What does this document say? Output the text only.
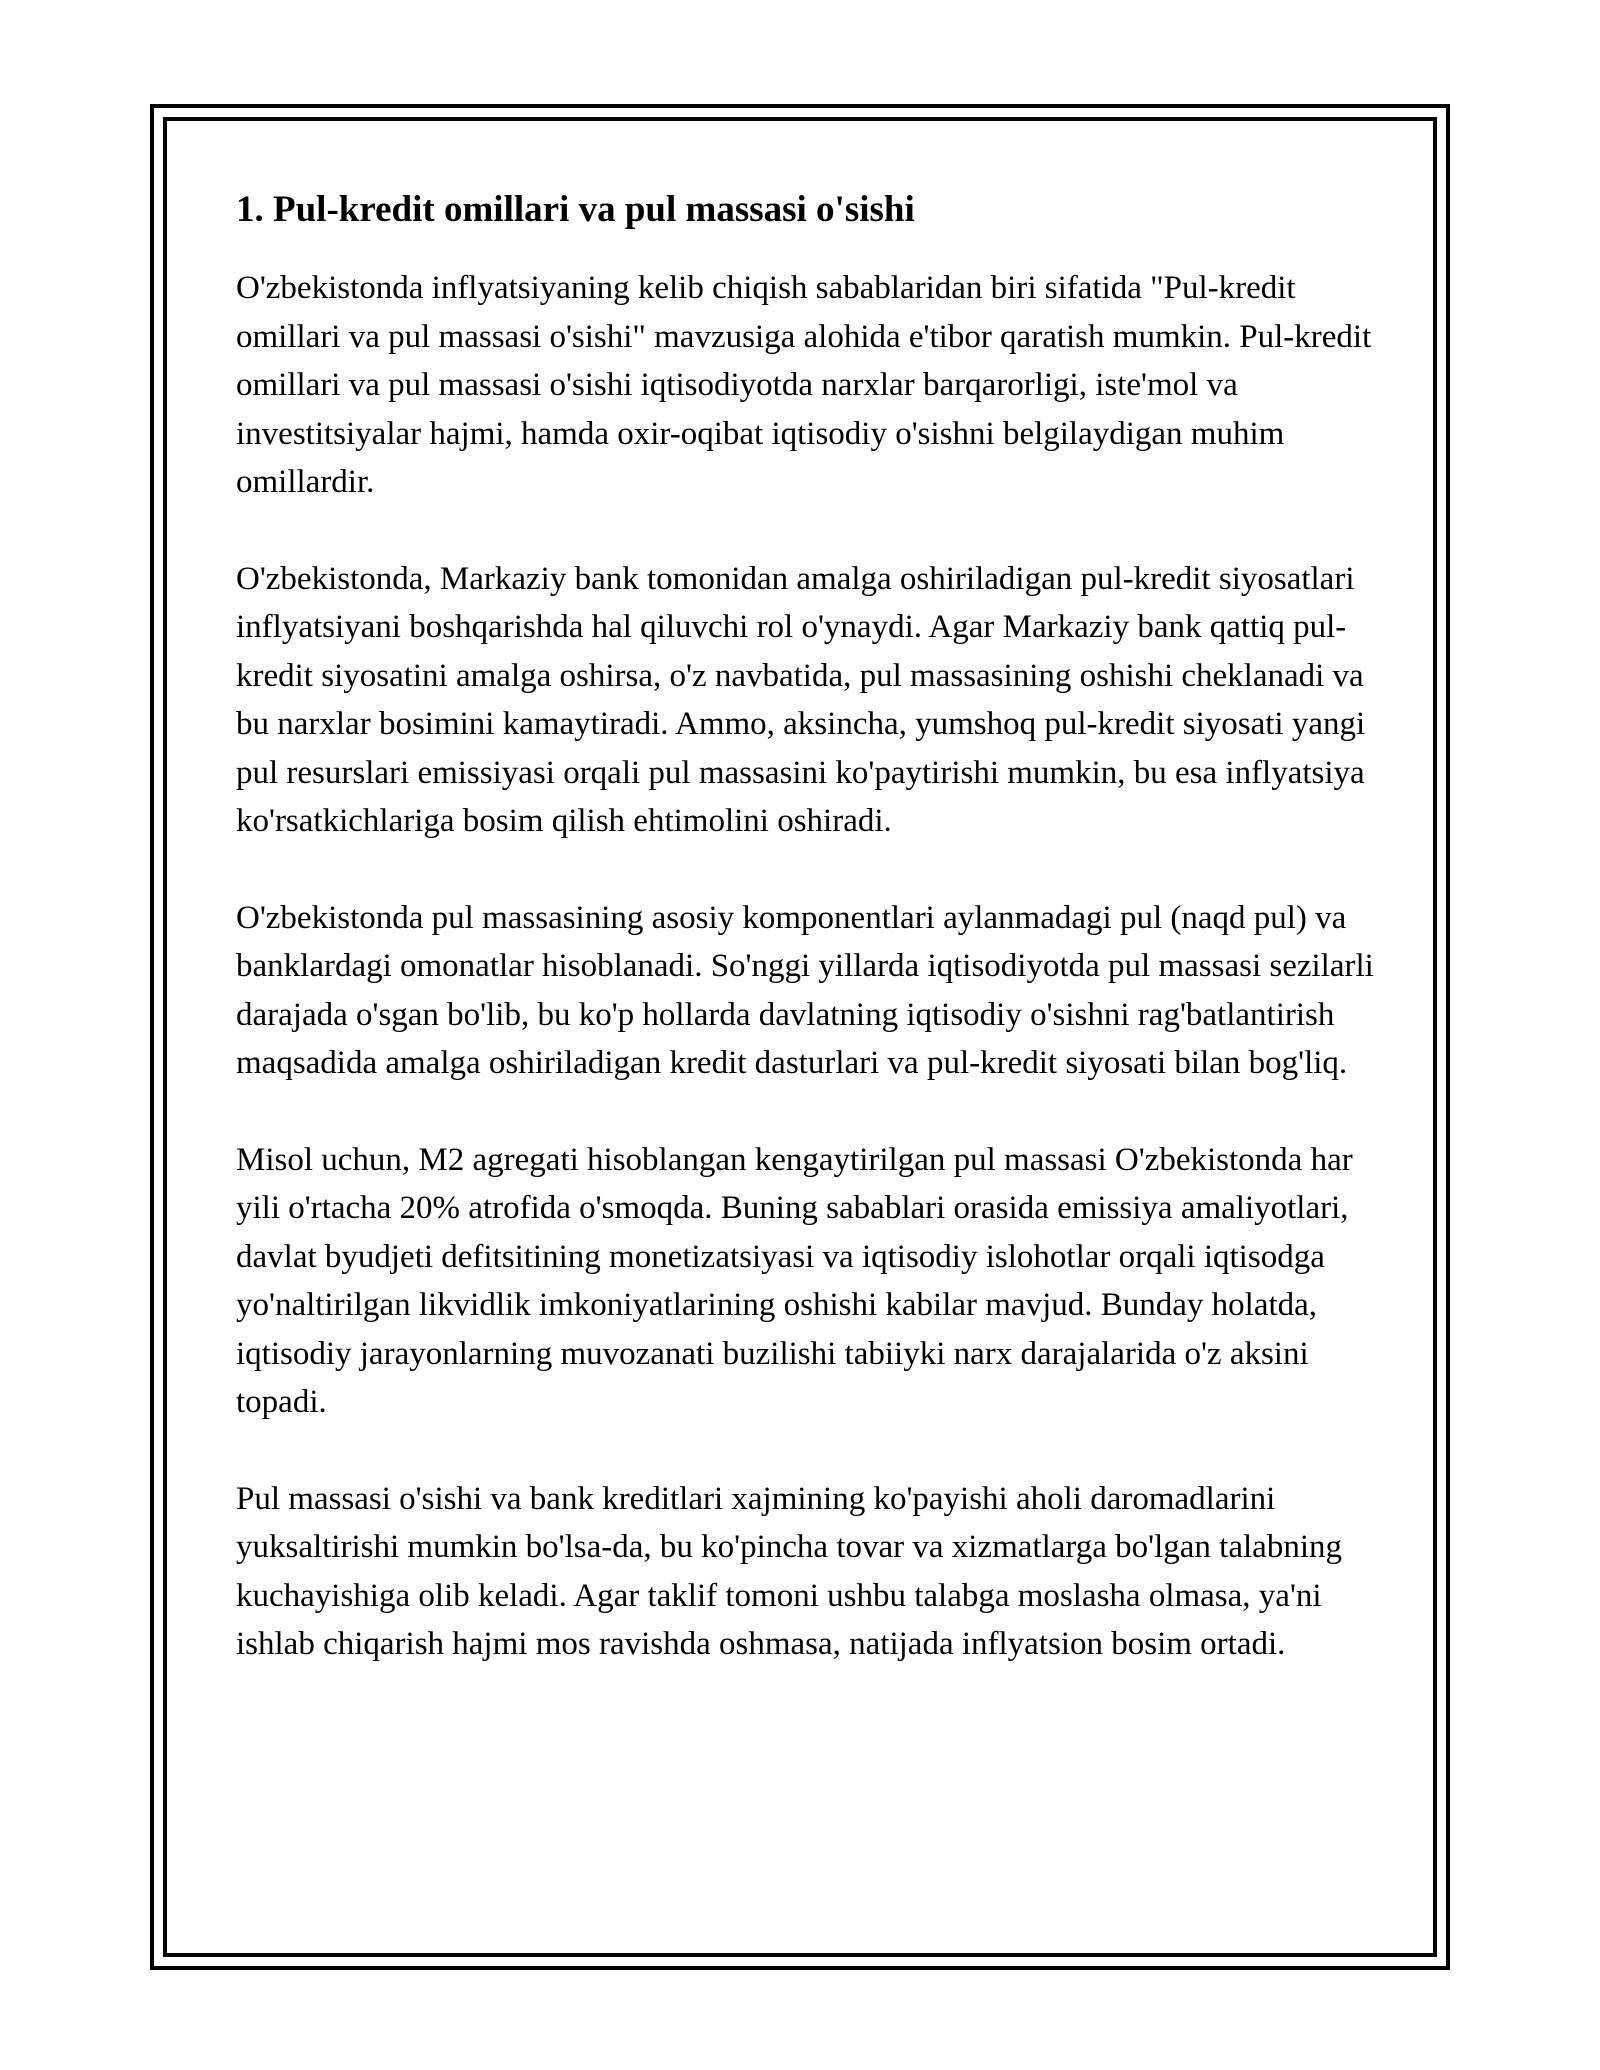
1. Pul-kredit omillari va pul massasi o'sishi

O'zbekistonda inflyatsiyaning kelib chiqish sabablaridan biri sifatida "Pul-kredit omillari va pul massasi o'sishi" mavzusiga alohida e'tibor qaratish mumkin. Pul-kredit omillari va pul massasi o'sishi iqtisodiyotda narxlar barqarorligi, iste'mol va investitsiyalar hajmi, hamda oxir-oqibat iqtisodiy o'sishni belgilaydigan muhim omillardir.

O'zbekistonda, Markaziy bank tomonidan amalga oshiriladigan pul-kredit siyosatlari inflyatsiyani boshqarishda hal qiluvchi rol o'ynaydi. Agar Markaziy bank qattiq pul-kredit siyosatini amalga oshirsa, o'z navbatida, pul massasining oshishi cheklanadi va bu narxlar bosimini kamaytiradi. Ammo, aksincha, yumshoq pul-kredit siyosati yangi pul resurslari emissiyasi orqali pul massasini ko'paytirishi mumkin, bu esa inflyatsiya ko'rsatkichlariga bosim qilish ehtimolini oshiradi.

O'zbekistonda pul massasining asosiy komponentlari aylanmadagi pul (naqd pul) va banklardagi omonatlar hisoblanadi. So'nggi yillarda iqtisodiyotda pul massasi sezilarli darajada o'sgan bo'lib, bu ko'p hollarda davlatning iqtisodiy o'sishni rag'batlantirish maqsadida amalga oshiriladigan kredit dasturlari va pul-kredit siyosati bilan bog'liq.

Misol uchun, M2 agregati hisoblangan kengaytirilgan pul massasi O'zbekistonda har yili o'rtacha 20% atrofida o'smoqda. Buning sabablari orasida emissiya amaliyotlari, davlat byudjeti defitsitining monetizatsiyasi va iqtisodiy islohotlar orqali iqtisodga yo'naltirilgan likvidlik imkoniyatlarining oshishi kabilar mavjud. Bunday holatda, iqtisodiy jarayonlarning muvozanati buzilishi tabiiyki narx darajalarida o'z aksini topadi.

Pul massasi o'sishi va bank kreditlari xajmining ko'payishi aholi daromadlarini yuksaltirishi mumkin bo'lsa-da, bu ko'pincha tovar va xizmatlarga bo'lgan talabning kuchayishiga olib keladi. Agar taklif tomoni ushbu talabga moslasha olmasa, ya'ni ishlab chiqarish hajmi mos ravishda oshmasa, natijada inflyatsion bosim ortadi.
